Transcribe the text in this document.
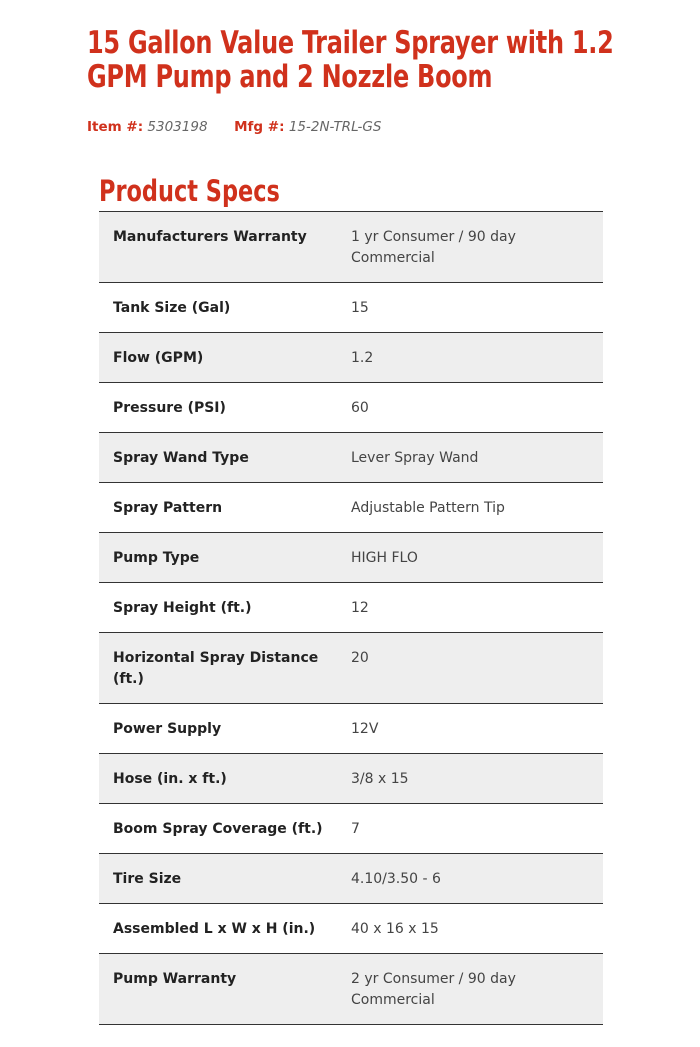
15 Gallon Value Trailer Sprayer with 1.2
GPM Pump and 2 Nozzle Boom
Item #: 5303198 Mfg #: 15-2N-TRL-GS
Product Specs
Manufacturers Warranty	1 yr Consumer / 90 day Commercial
Tank Size (Gal)	15
Flow (GPM)	1.2
Pressure (PSI)	60
Spray Wand Type	Lever Spray Wand
Spray Pattern	Adjustable Pattern Tip
Pump Type	HIGH FLO
Spray Height (ft.)	12
Horizontal Spray Distance (ft.)	20
Power Supply	12V
Hose (in. x ft.)	3/8 x 15
Boom Spray Coverage (ft.)	7
Tire Size	4.10/3.50 - 6
Assembled L x W x H (in.)	40 x 16 x 15
Pump Warranty	2 yr Consumer / 90 day Commercial
